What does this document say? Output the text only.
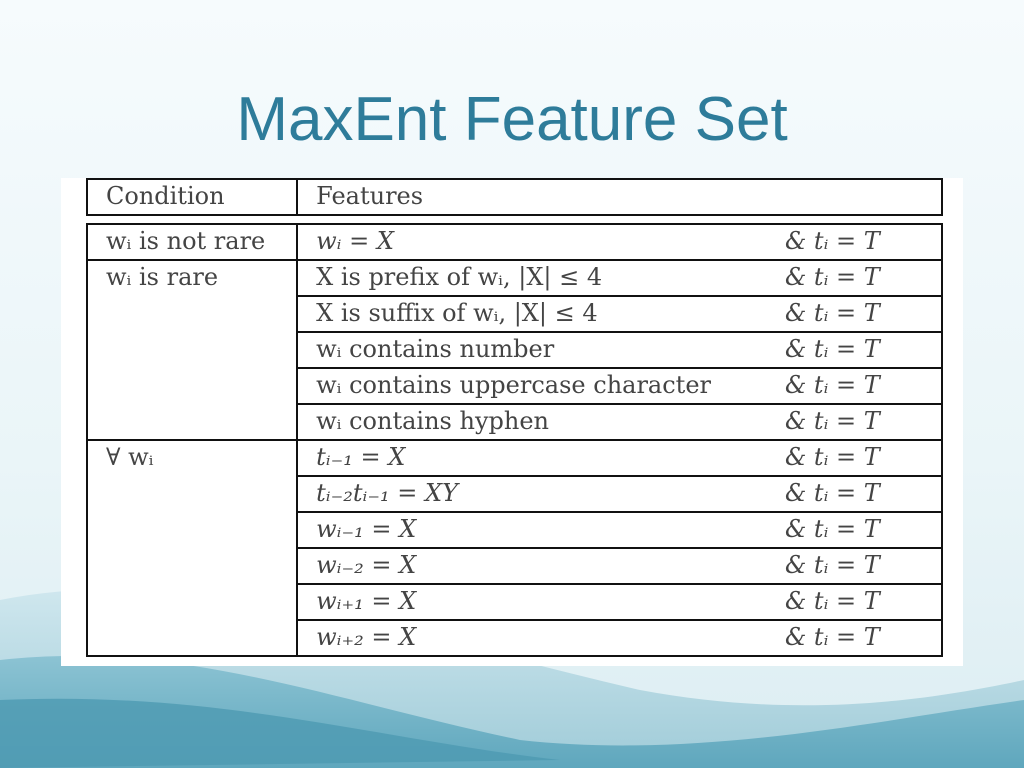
MaxEnt Feature Set
Condition	Features	
wᵢ is not rare	wᵢ = X	& tᵢ = T
wᵢ is rare	X is prefix of wᵢ, |X| ≤ 4	& tᵢ = T
	X is suffix of wᵢ, |X| ≤ 4	& tᵢ = T
	wᵢ contains number	& tᵢ = T
	wᵢ contains uppercase character	& tᵢ = T
	wᵢ contains hyphen	& tᵢ = T
∀ wᵢ	tᵢ₋₁ = X	& tᵢ = T
	tᵢ₋₂tᵢ₋₁ = XY	& tᵢ = T
	wᵢ₋₁ = X	& tᵢ = T
	wᵢ₋₂ = X	& tᵢ = T
	wᵢ₊₁ = X	& tᵢ = T
	wᵢ₊₂ = X	& tᵢ = T
